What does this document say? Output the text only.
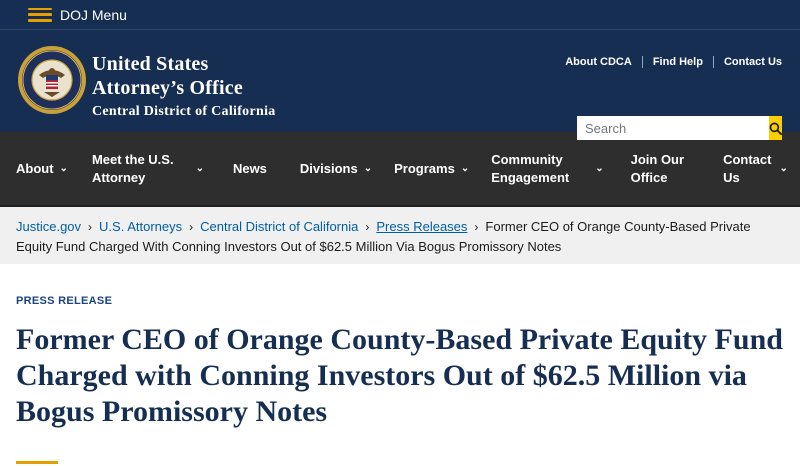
DOJ Menu
United States
Attorney’s Office
Central District of California
About CDCA Find Help Contact Us
Search
About ⌄
Meet the U.S.
Attorney
⌄ News	Divisions ⌄ Programs ⌄
Community
Engagement
⌄
Join Our
Office
Contact
Us
⌄
Justice.gov › U.S. Attorneys › Central District of California › Press Releases › Former CEO of Orange County-Based Private Equity Fund Charged With Conning Investors Out of $62.5 Million Via Bogus Promissory Notes
PRESS RELEASE
Former CEO of Orange County-Based Private Equity Fund Charged with Conning Investors Out of $62.5 Million via Bogus Promissory Notes
